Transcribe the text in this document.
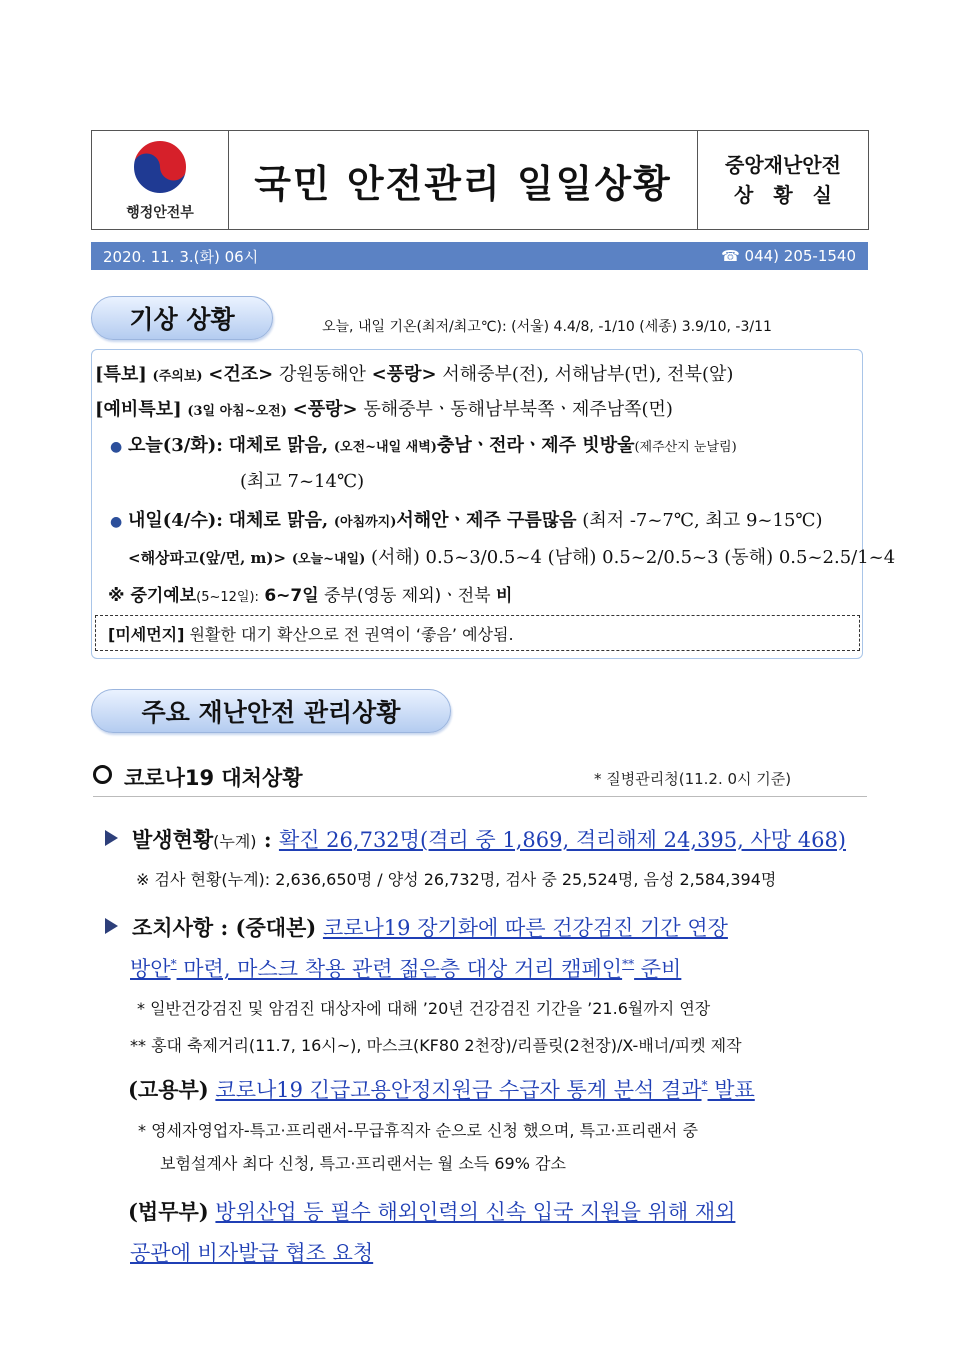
행정안전부
국민 안전관리 일일상황	중앙재난안전
상　황　실
2020. 11. 3.(화) 06시	☎ 044) 205-1540
기상 상황	오늘, 내일 기온(최저/최고℃): (서울) 4.4/8, -1/10 (세종) 3.9/10, -3/11
[특보] (주의보) <건조> 강원동해안 <풍랑> 서해중부(전), 서해남부(먼), 전북(앞)
[예비특보] (3일 아침~오전) <풍랑> 동해중부ㆍ동해남부북쪽ㆍ제주남쪽(먼)
● 오늘(3/화): 대체로 맑음, (오전~내일 새벽)충남ㆍ전라ㆍ제주 빗방울(제주산지 눈날림)
(최고 7~14℃)
● 내일(4/수): 대체로 맑음, (아침까지)서해안ㆍ제주 구름많음 (최저 -7~7℃, 최고 9~15℃)
<해상파고(앞/먼, m)> (오늘~내일) (서해) 0.5~3/0.5~4 (남해) 0.5~2/0.5~3 (동해) 0.5~2.5/1~4
※ 중기예보(5~12일): 6~7일 중부(영동 제외)ㆍ전북 비
[미세먼지]
원활한 대기 확산으로 전 권역이 ‘좋음’ 예상됨.
주요 재난안전 관리상황
코로나19 대처상황	* 질병관리청(11.2. 0시 기준)
발생현황(누계) : 확진 26,732명(격리 중 1,869, 격리해제 24,395, 사망 468)
※ 검사 현황(누계): 2,636,650명 / 양성 26,732명, 검사 중 25,524명, 음성 2,584,394명
조치사항 : (중대본) 코로나19 장기화에 따른 건강검진 기간 연장
방안* 마련, 마스크 착용 관련 젊은층 대상 거리 캠페인** 준비
* 일반건강검진 및 암검진 대상자에 대해 ’20년 건강검진 기간을 ’21.6월까지 연장
** 홍대 축제거리(11.7, 16시~), 마스크(KF80 2천장)/리플릿(2천장)/X-배너/피켓 제작
(고용부) 코로나19 긴급고용안정지원금 수급자 통계 분석 결과* 발표
* 영세자영업자-특고·프리랜서-무급휴직자 순으로 신청 했으며, 특고·프리랜서 중
보험설계사 최다 신청, 특고·프리랜서는 월 소득 69% 감소
(법무부) 방위산업 등 필수 해외인력의 신속 입국 지원을 위해 재외
공관에 비자발급 협조 요청
